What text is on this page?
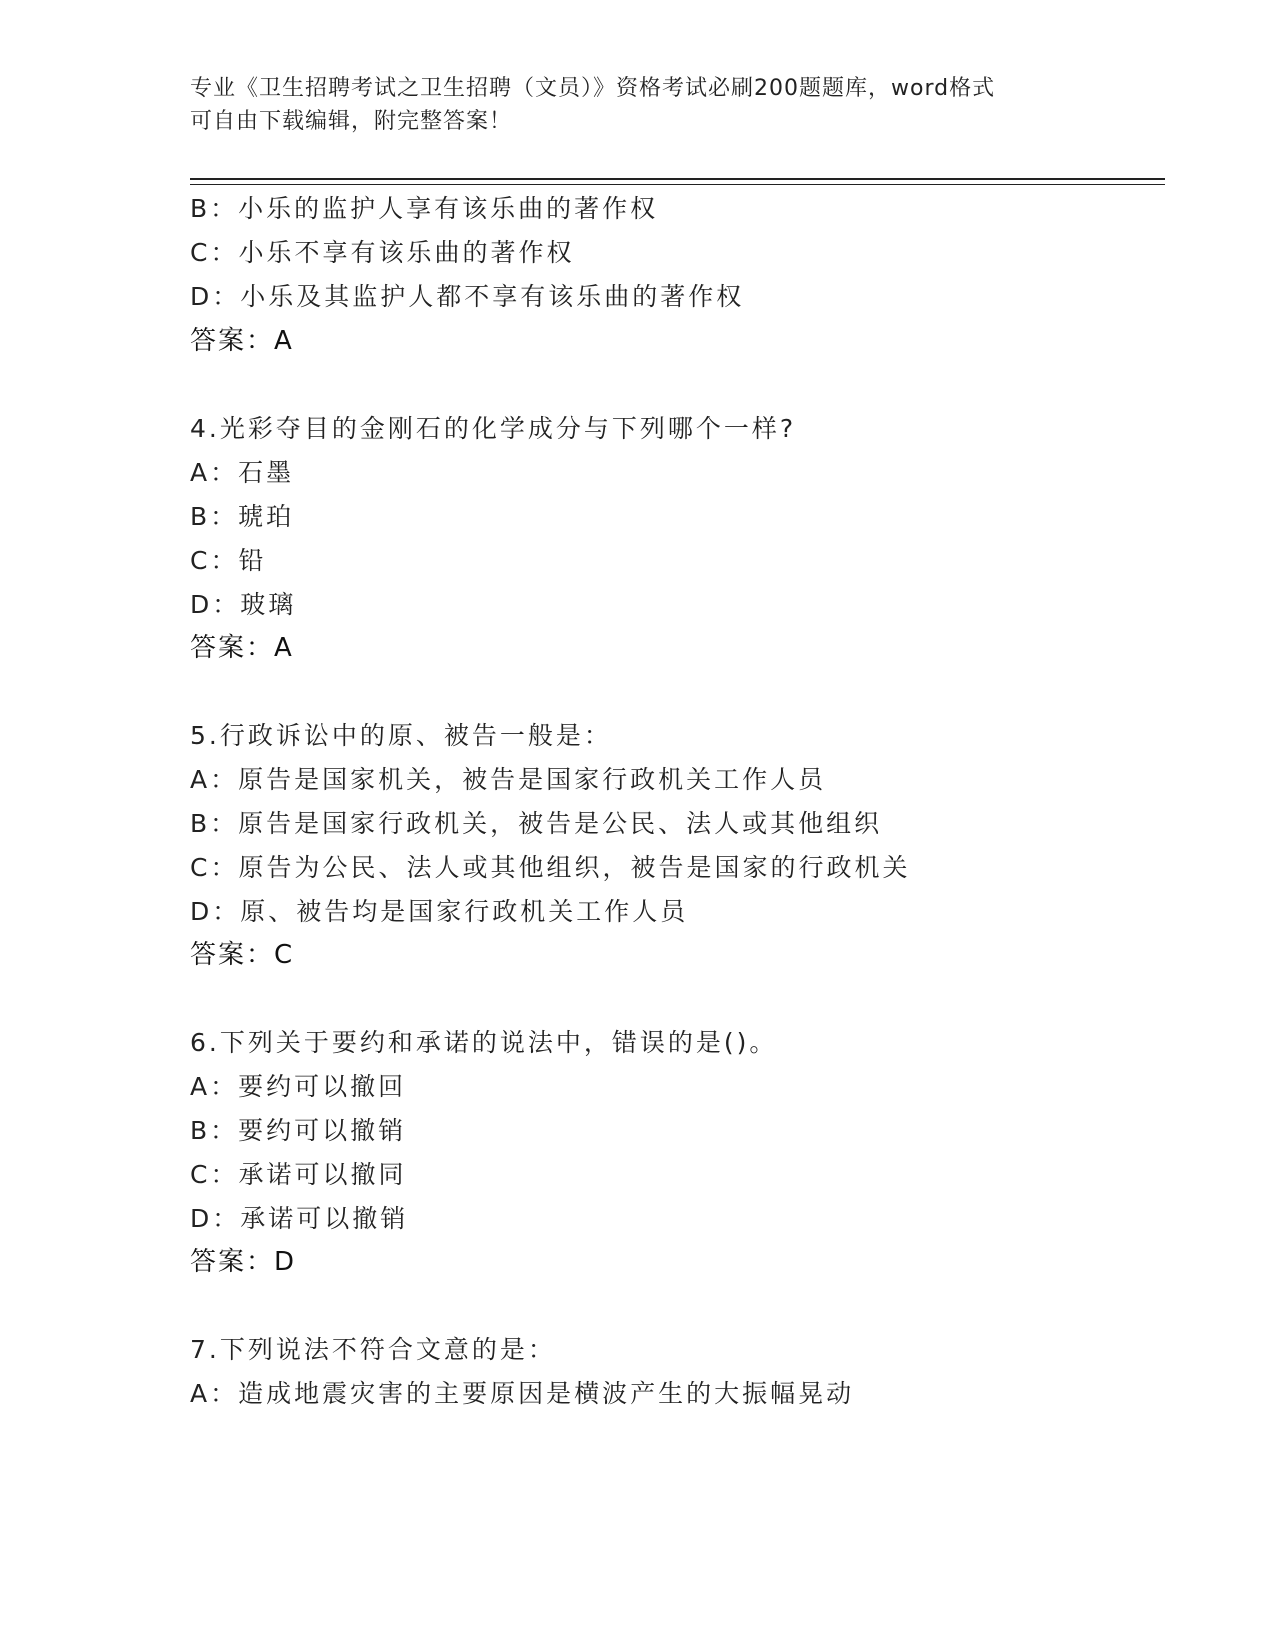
专业《卫生招聘考试之卫生招聘（文员）》资格考试必刷200题题库，word格式
可自由下载编辑，附完整答案！
B：小乐的监护人享有该乐曲的著作权
C：小乐不享有该乐曲的著作权
D：小乐及其监护人都不享有该乐曲的著作权
答案：A
4.光彩夺目的金刚石的化学成分与下列哪个一样?
A：石墨
B：琥珀
C：铅
D：玻璃
答案：A
5.行政诉讼中的原、被告一般是：
A：原告是国家机关，被告是国家行政机关工作人员
B：原告是国家行政机关，被告是公民、法人或其他组织
C：原告为公民、法人或其他组织，被告是国家的行政机关
D：原、被告均是国家行政机关工作人员
答案：C
6.下列关于要约和承诺的说法中，错误的是()。
A：要约可以撤回
B：要约可以撤销
C：承诺可以撤同
D：承诺可以撤销
答案：D
7.下列说法不符合文意的是：
A：造成地震灾害的主要原因是横波产生的大振幅晃动
